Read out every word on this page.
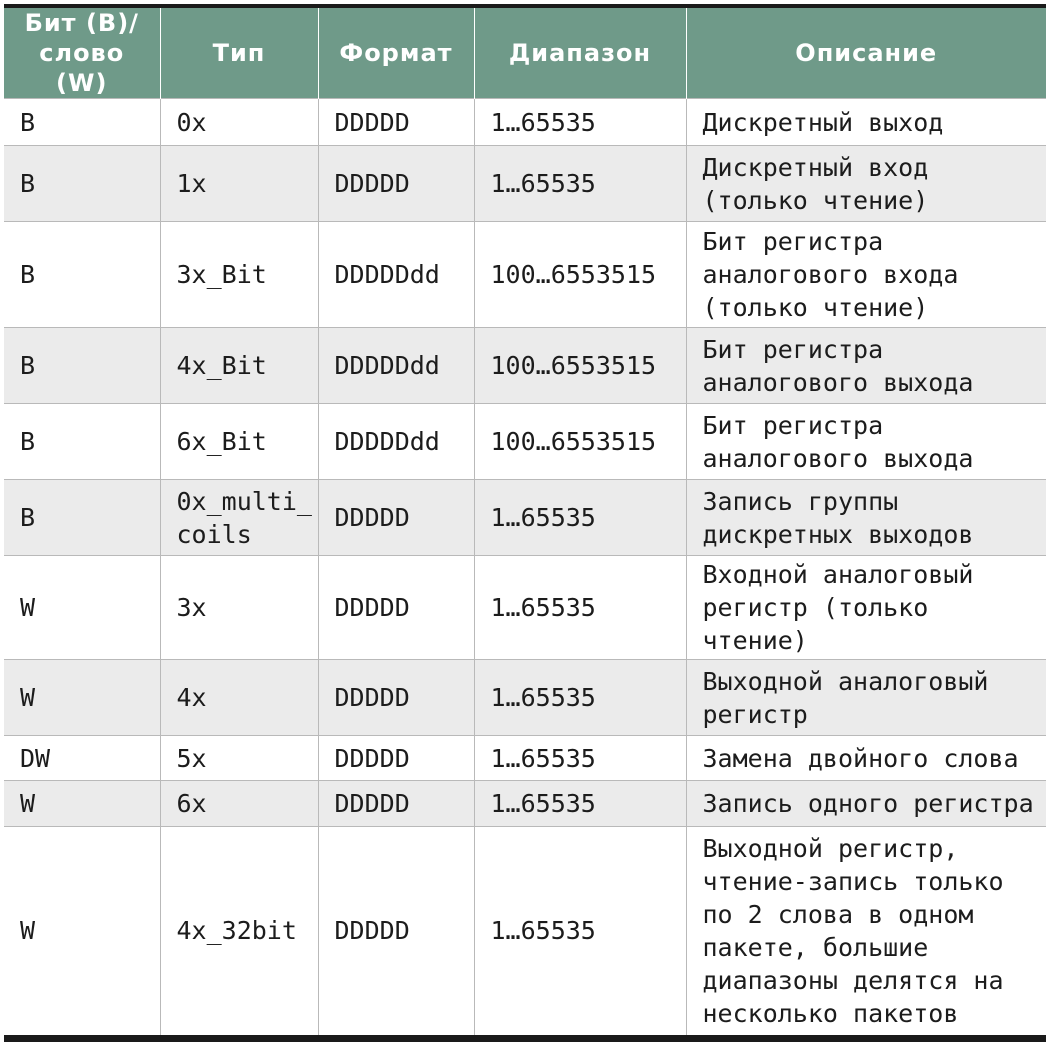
Бит (B)/ слово (W)	Тип	Формат	Диапазон	Описание
B	0x	DDDDD	1…65535	Дискретный выход
B	1x	DDDDD	1…65535	Дискретный вход (только чтение)
B	3x_Bit	DDDDDdd	100…6553515	Бит регистра аналогового входа (только чтение)
B	4x_Bit	DDDDDdd	100…6553515	Бит регистра аналогового выхода
B	6x_Bit	DDDDDdd	100…6553515	Бит регистра аналогового выхода
B	0x_multi_coils	DDDDD	1…65535	Запись группы дискретных выходов
W	3x	DDDDD	1…65535	Входной аналоговый регистр (только чтение)
W	4x	DDDDD	1…65535	Выходной аналоговый регистр
DW	5x	DDDDD	1…65535	Замена двойного слова
W	6x	DDDDD	1…65535	Запись одного регистра
W	4x_32bit	DDDDD	1…65535	Выходной регистр, чтение-запись только по 2 слова в одном пакете, большие диапазоны делятся на несколько пакетов
